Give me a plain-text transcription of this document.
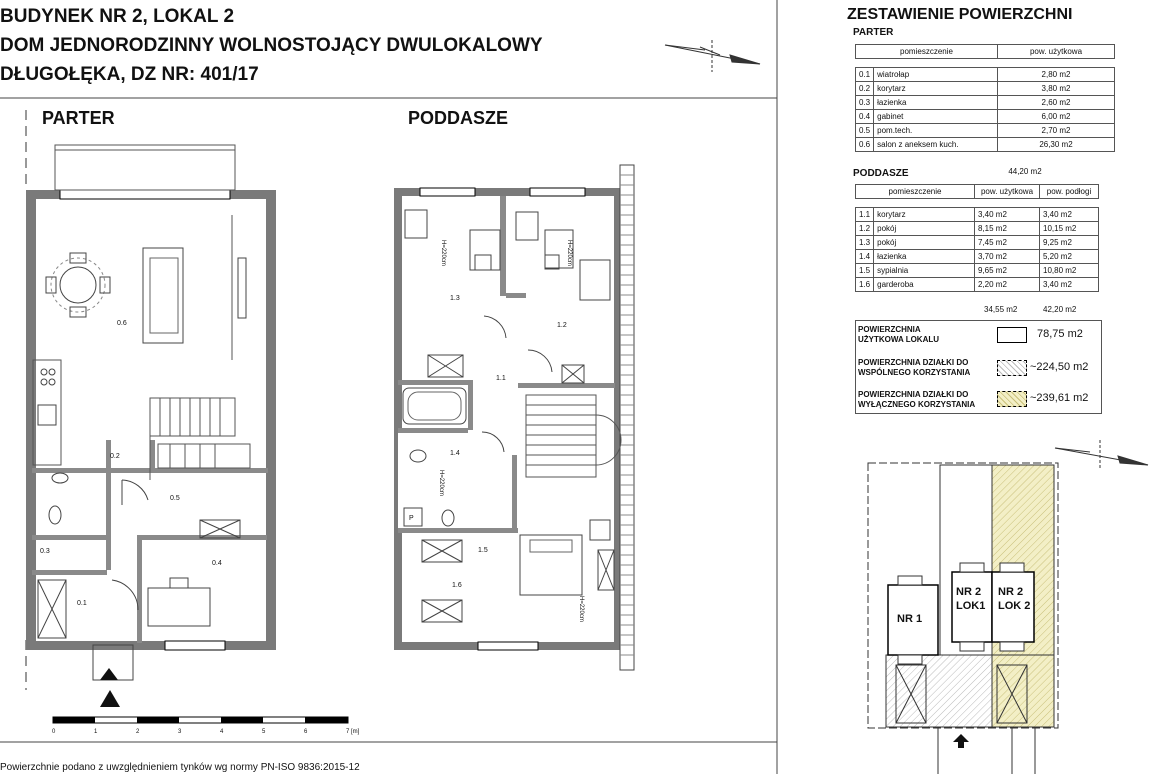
BUDYNEK NR 2, LOKAL 2
DOM JEDNORODZINNY WOLNOSTOJĄCY DWULOKALOWY
DŁUGOŁĘKA, DZ NR: 401/17
PARTER	PODDASZE
0.6
0.2
0.5
0.3
0.4
0.1
1.3
1.2
1.1
1.4
P
1.5
1.6
H=220cm	H=220cm
H=220cm
H=220cm
0	1	2	3	4	5	6	7 [m]
NR 1
NR 2
LOK1
NR 2
LOK 2
ZESTAWIENIE POWIERZCHNI
PARTER
pomieszczenie		pow. użytkowa

0.1	wiatrołap	2,80 m2
0.2	korytarz	3,80 m2
0.3	łazienka	2,60 m2
0.4	gabinet	6,00 m2
0.5	pom.tech.	2,70 m2
0.6	salon z aneksem kuch.	26,30 m2
44,20 m2
PODDASZE
pomieszczenie		pow. użytkowa	pow. podłogi

1.1	korytarz	3,40 m2	3,40 m2
1.2	pokój	8,15 m2	10,15 m2
1.3	pokój	7,45 m2	9,25 m2
1.4	łazienka	3,70 m2	5,20 m2
1.5	sypialnia	9,65 m2	10,80 m2
1.6	garderoba	2,20 m2	3,40 m2
34,55 m2	42,20 m2
POWIERZCHNIA
UŻYTKOWA LOKALU	78,75 m2
POWIERZCHNIA DZIAŁKI DO
WSPÓLNEGO KORZYSTANIA	~224,50 m2
POWIERZCHNIA DZIAŁKI DO
WYŁĄCZNEGO KORZYSTANIA
~239,61 m2
Powierzchnie podano z uwzględnieniem tynków wg normy PN-ISO 9836:2015-12
